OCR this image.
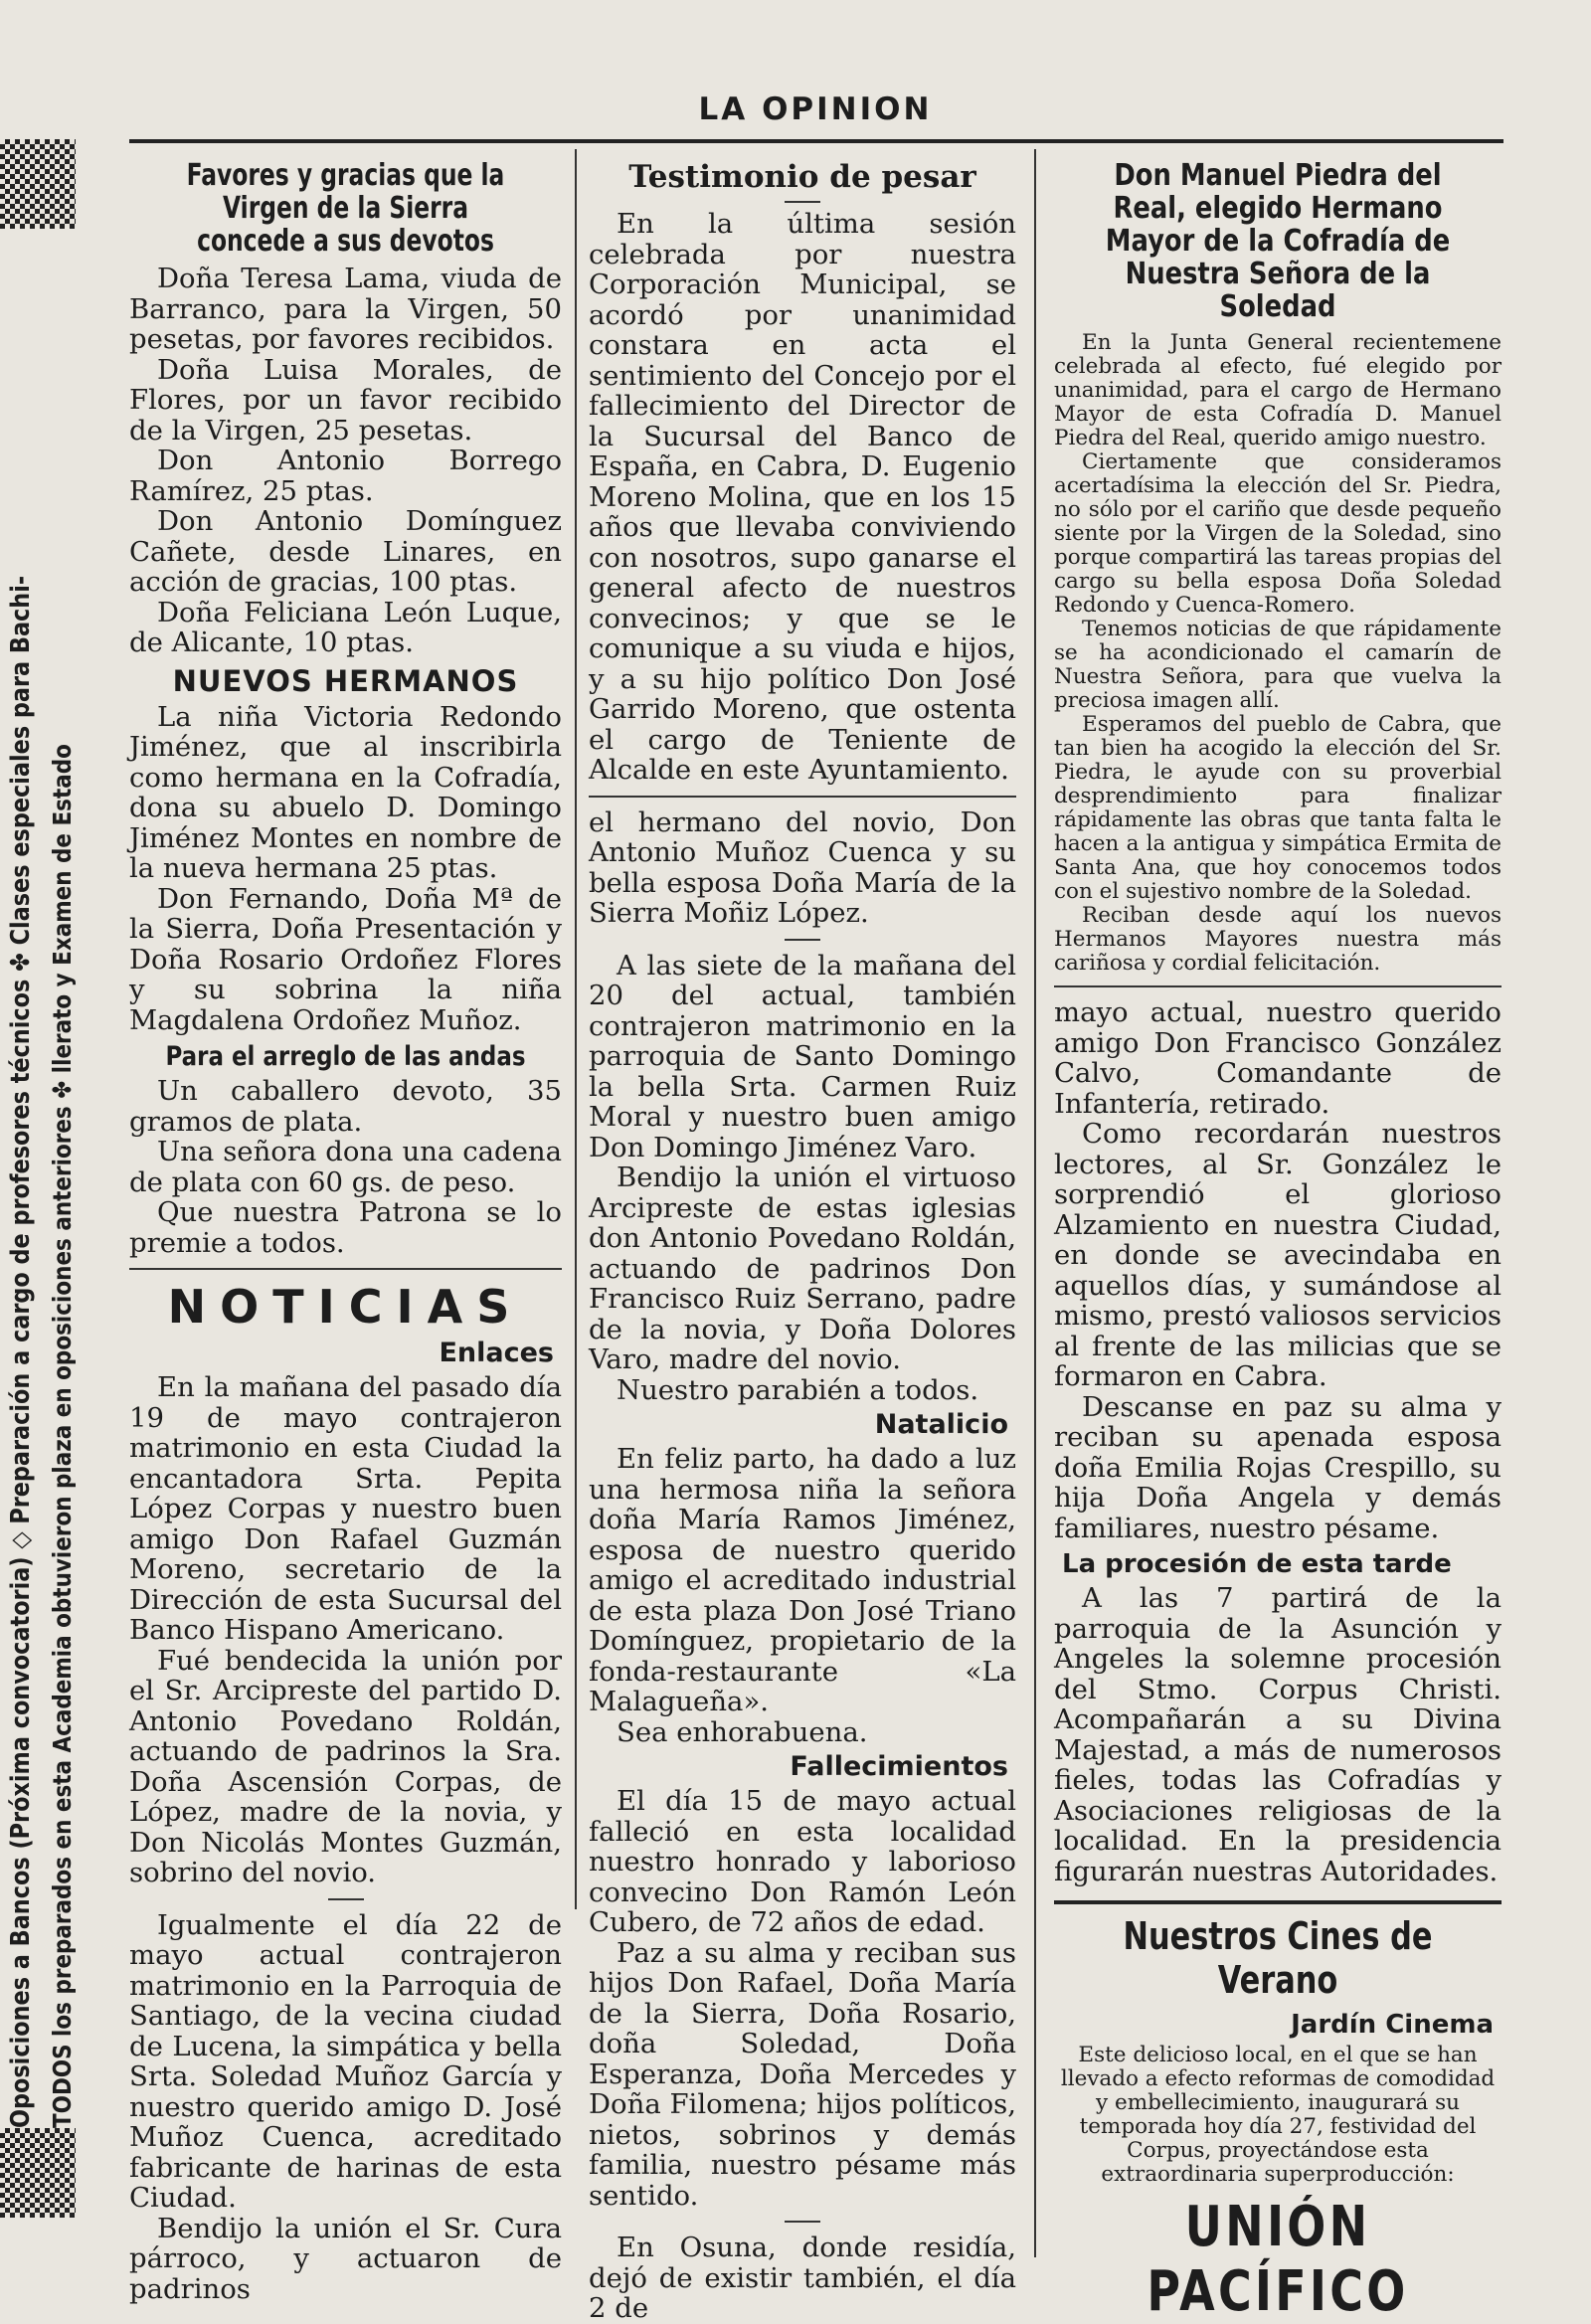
Oposiciones a Bancos (Próxima convocatoria) ◇ Preparación a cargo de profesores técnicos ✤ Clases especiales para Bachi- TODOS los preparados en esta Academia obtuvieron plaza en oposiciones anteriores ✤ llerato y Examen de Estado
LA OPINION
Favores y gracias que la Virgen de la Sierra concede a sus devotos

Doña Teresa Lama, viuda de Barranco, para la Virgen, 50 pesetas, por favores recibidos.

Doña Luisa Morales, de Flores, por un favor recibido de la Virgen, 25 pesetas.

Don Antonio Borrego Ramírez, 25 ptas.

Don Antonio Domínguez Cañete, desde Linares, en acción de gracias, 100 ptas.

Doña Feliciana León Luque, de Alicante, 10 ptas.

NUEVOS HERMANOS

La niña Victoria Redondo Jiménez, que al inscribirla como hermana en la Cofradía, dona su abuelo D. Domingo Jiménez Montes en nombre de la nueva hermana 25 ptas.

Don Fernando, Doña Mª de la Sierra, Doña Presentación y Doña Rosario Ordoñez Flores y su sobrina la niña Magdalena Ordoñez Muñoz.

Para el arreglo de las andas

Un caballero devoto, 35 gramos de plata.

Una señora dona una cadena de plata con 60 gs. de peso.

Que nuestra Patrona se lo premie a todos.

NOTICIAS
Enlaces

En la mañana del pasado día 19 de mayo contrajeron matrimonio en esta Ciudad la encantadora Srta. Pepita López Corpas y nuestro buen amigo Don Rafael Guzmán Moreno, secretario de la Dirección de esta Sucursal del Banco Hispano Americano.

Fué bendecida la unión por el Sr. Arcipreste del partido D. Antonio Povedano Roldán, actuando de padrinos la Sra. Doña Ascensión Corpas, de López, madre de la novia, y Don Nicolás Montes Guzmán, sobrino del novio.

Igualmente el día 22 de mayo actual contrajeron matrimonio en la Parroquia de Santiago, de la vecina ciudad de Lucena, la simpática y bella Srta. Soledad Muñoz García y nuestro querido amigo D. José Muñoz Cuenca, acreditado fabricante de harinas de esta Ciudad.

Bendijo la unión el Sr. Cura párroco, y actuaron de padrinos

Testimonio de pesar

En la última sesión celebrada por nuestra Corporación Municipal, se acordó por unanimidad constara en acta el sentimiento del Concejo por el fallecimiento del Director de la Sucursal del Banco de España, en Cabra, D. Eugenio Moreno Molina, que en los 15 años que llevaba conviviendo con nosotros, supo ganarse el general afecto de nuestros convecinos; y que se le comunique a su viuda e hijos, y a su hijo político Don José Garrido Moreno, que ostenta el cargo de Teniente de Alcalde en este Ayuntamiento.

el hermano del novio, Don Antonio Muñoz Cuenca y su bella esposa Doña María de la Sierra Moñiz López.

A las siete de la mañana del 20 del actual, también contrajeron matrimonio en la parroquia de Santo Domingo la bella Srta. Carmen Ruiz Moral y nuestro buen amigo Don Domingo Jiménez Varo.

Bendijo la unión el virtuoso Arcipreste de estas iglesias don Antonio Povedano Roldán, actuando de padrinos Don Francisco Ruiz Serrano, padre de la novia, y Doña Dolores Varo, madre del novio.

Nuestro parabién a todos.

Natalicio

En feliz parto, ha dado a luz una hermosa niña la señora doña María Ramos Jiménez, esposa de nuestro querido amigo el acreditado industrial de esta plaza Don José Triano Domínguez, propietario de la fonda-restaurante «La Malagueña».

Sea enhorabuena.

Fallecimientos

El día 15 de mayo actual falleció en esta localidad nuestro honrado y laborioso convecino Don Ramón León Cubero, de 72 años de edad.

Paz a su alma y reciban sus hijos Don Rafael, Doña María de la Sierra, Doña Rosario, doña Soledad, Doña Esperanza, Doña Mercedes y Doña Filomena; hijos políticos, nietos, sobrinos y demás familia, nuestro pésame más sentido.

En Osuna, donde residía, dejó de existir también, el día 2 de

Don Manuel Piedra del Real, elegido Hermano Mayor de la Cofradía de Nuestra Señora de la Soledad

En la Junta General recientemene celebrada al efecto, fué elegido por unanimidad, para el cargo de Hermano Mayor de esta Cofradía D. Manuel Piedra del Real, querido amigo nuestro.

Ciertamente que consideramos acertadísima la elección del Sr. Piedra, no sólo por el cariño que desde pequeño siente por la Virgen de la Soledad, sino porque compartirá las tareas propias del cargo su bella esposa Doña Soledad Redondo y Cuenca-Romero.

Tenemos noticias de que rápidamente se ha acondicionado el camarín de Nuestra Señora, para que vuelva la preciosa imagen allí.

Esperamos del pueblo de Cabra, que tan bien ha acogido la elección del Sr. Piedra, le ayude con su proverbial desprendimiento para finalizar rápidamente las obras que tanta falta le hacen a la antigua y simpática Ermita de Santa Ana, que hoy conocemos todos con el sujestivo nombre de la Soledad.

Reciban desde aquí los nuevos Hermanos Mayores nuestra más cariñosa y cordial felicitación.

mayo actual, nuestro querido amigo Don Francisco González Calvo, Comandante de Infantería, retirado.

Como recordarán nuestros lectores, al Sr. González le sorprendió el glorioso Alzamiento en nuestra Ciudad, en donde se avecindaba en aquellos días, y sumándose al mismo, prestó valiosos servicios al frente de las milicias que se formaron en Cabra.

Descanse en paz su alma y reciban su apenada esposa doña Emilia Rojas Crespillo, su hija Doña Angela y demás familiares, nuestro pésame.

La procesión de esta tarde

A las 7 partirá de la parroquia de la Asunción y Angeles la solemne procesión del Stmo. Corpus Christi. Acompañarán a su Divina Majestad, a más de numerosos fieles, todas las Cofradías y Asociaciones religiosas de la localidad. En la presidencia figurarán nuestras Autoridades.

Nuestros Cines de Verano
Jardín Cinema

Este delicioso local, en el que se han llevado a efecto reformas de comodidad y embellecimiento, inaugurará su temporada hoy día 27, festividad del Corpus, proyectándose esta extraordinaria superproducción:

UNIÓN PACÍFICO
